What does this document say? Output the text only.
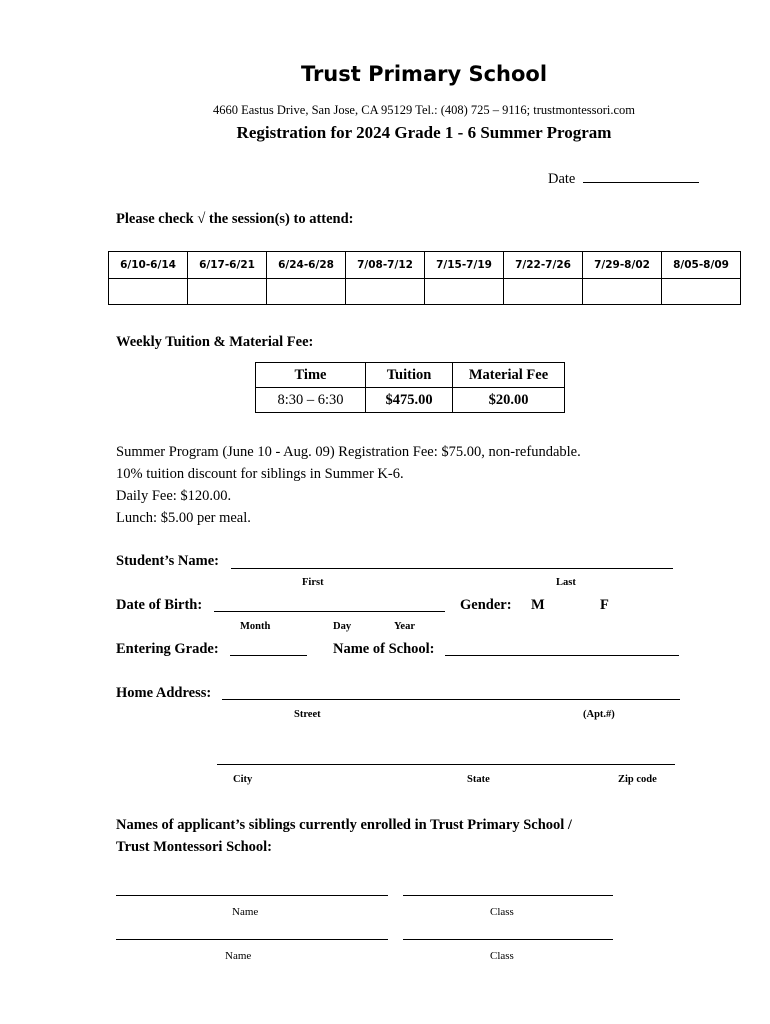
Trust Primary School
4660 Eastus Drive, San Jose, CA 95129 Tel.: (408) 725 – 9116; trustmontessori.com
Registration for 2024 Grade 1 - 6 Summer Program
Date
Please check √ the session(s) to attend:
6/10-6/14	6/17-6/21	6/24-6/28	7/08-7/12	7/15-7/19	7/22-7/26	7/29-8/02	8/05-8/09

Weekly Tuition & Material Fee:
Time	Tuition	Material Fee
8:30 – 6:30	$475.00	$20.00
Summer Program (June 10 - Aug. 09) Registration Fee: $75.00, non-refundable.
10% tuition discount for siblings in Summer K-6.
Daily Fee: $120.00.
Lunch: $5.00 per meal.
Student’s Name:
First	Last
Date of Birth:	Gender: M	F
Month	Day	Year
Entering Grade:	Name of School:
Home Address:
Street	(Apt.#)
City	State	Zip code
Names of applicant’s siblings currently enrolled in Trust Primary School /
Trust Montessori School:
Name	Class
Name	Class
